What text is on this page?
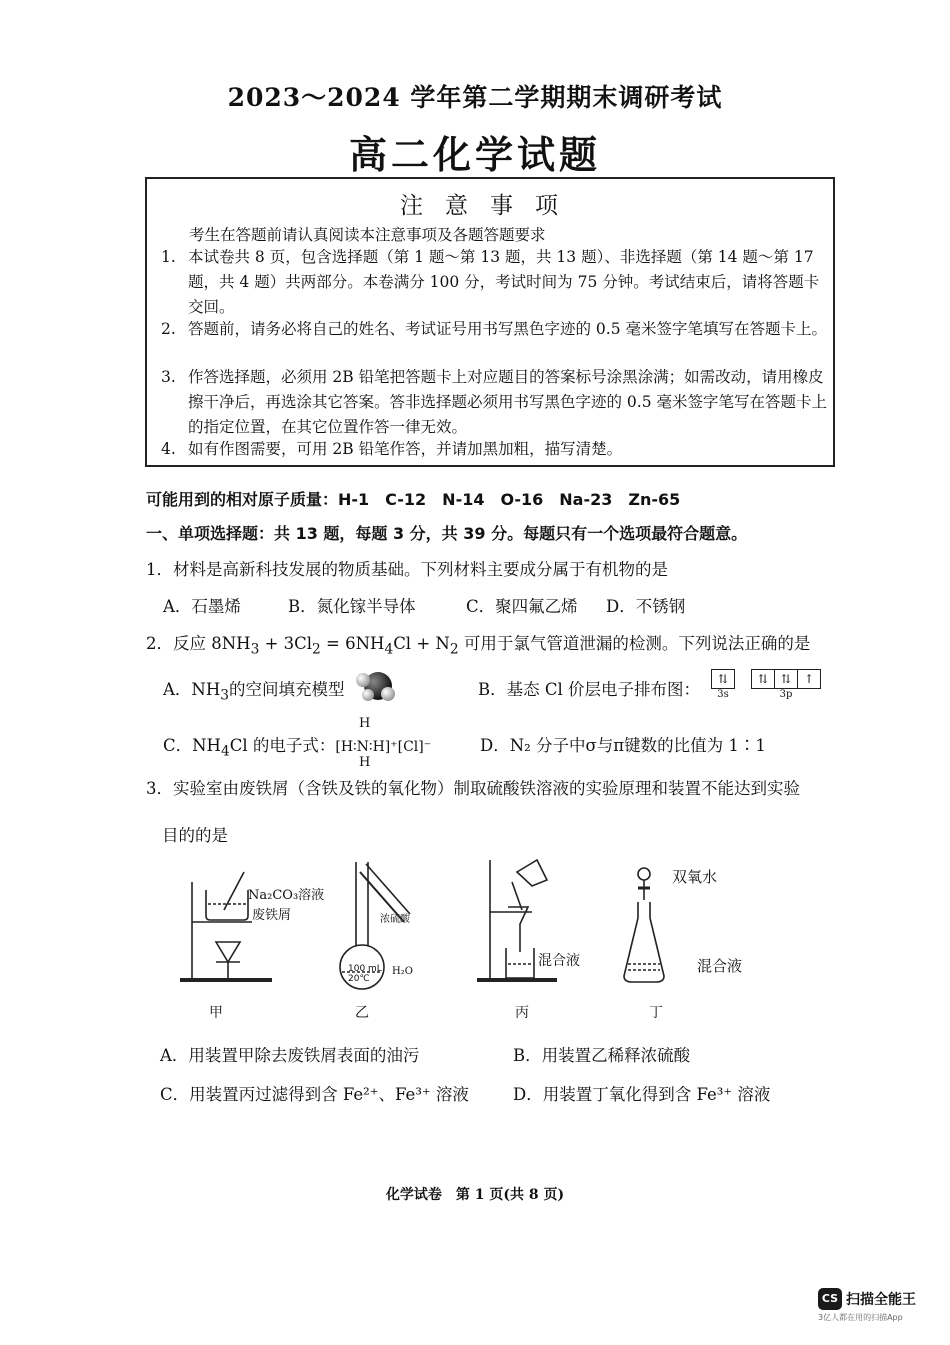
2023～2024 学年第二学期期末调研考试
高二化学试题
注意事项
考生在答题前请认真阅读本注意事项及各题答题要求
1. 本试卷共 8 页，包含选择题（第 1 题～第 13 题，共 13 题）、非选择题（第 14 题～第 17 题，共 4 题）共两部分。本卷满分 100 分，考试时间为 75 分钟。考试结束后，请将答题卡交回。
2. 答题前，请务必将自己的姓名、考试证号用书写黑色字迹的 0.5 毫米签字笔填写在答题卡上。
3. 作答选择题，必须用 2B 铅笔把答题卡上对应题目的答案标号涂黑涂满；如需改动，请用橡皮擦干净后，再选涂其它答案。答非选择题必须用书写黑色字迹的 0.5 毫米签字笔写在答题卡上的指定位置，在其它位置作答一律无效。
4. 如有作图需要，可用 2B 铅笔作答，并请加黑加粗，描写清楚。
可能用到的相对原子质量：H-1　C-12　N-14　O-16　Na-23　Zn-65
一、单项选择题：共 13 题，每题 3 分，共 39 分。每题只有一个选项最符合题意。
1．材料是高新科技发展的物质基础。下列材料主要成分属于有机物的是
A．石墨烯	B．氮化镓半导体	C．聚四氟乙烯 D．不锈钢
2．反应 $8NH_3 + 3Cl_2 = 6NH_4Cl + N_2$ 可用于氯气管道泄漏的检测。下列说法正确的是
A．$NH_3$的空间填充模型	B．基态 Cl 价层电子排布图：
⇅
3s
⇅	⇅	↑
3p
C．$NH_4Cl$ 的电子式：[H∶N∶H]⁺[Cl]⁻
H
H
D．N₂ 分子中σ与π键数的比值为 1∶1
3．实验室由废铁屑（含铁及铁的氧化物）制取硫酸铁溶液的实验原理和装置不能达到实验
目的的是
Na₂CO₃溶液
废铁屑	浓硫酸
100 mL
20℃
H₂O
混合液
双氧水
混合液
甲	乙	丙	丁
A．用装置甲除去废铁屑表面的油污	B．用装置乙稀释浓硫酸
C．用装置丙过滤得到含 Fe²⁺、Fe³⁺ 溶液	D．用装置丁氧化得到含 Fe³⁺ 溶液
化学试卷　第 1 页(共 8 页)
CS 扫描全能王
3亿人都在用的扫描App
